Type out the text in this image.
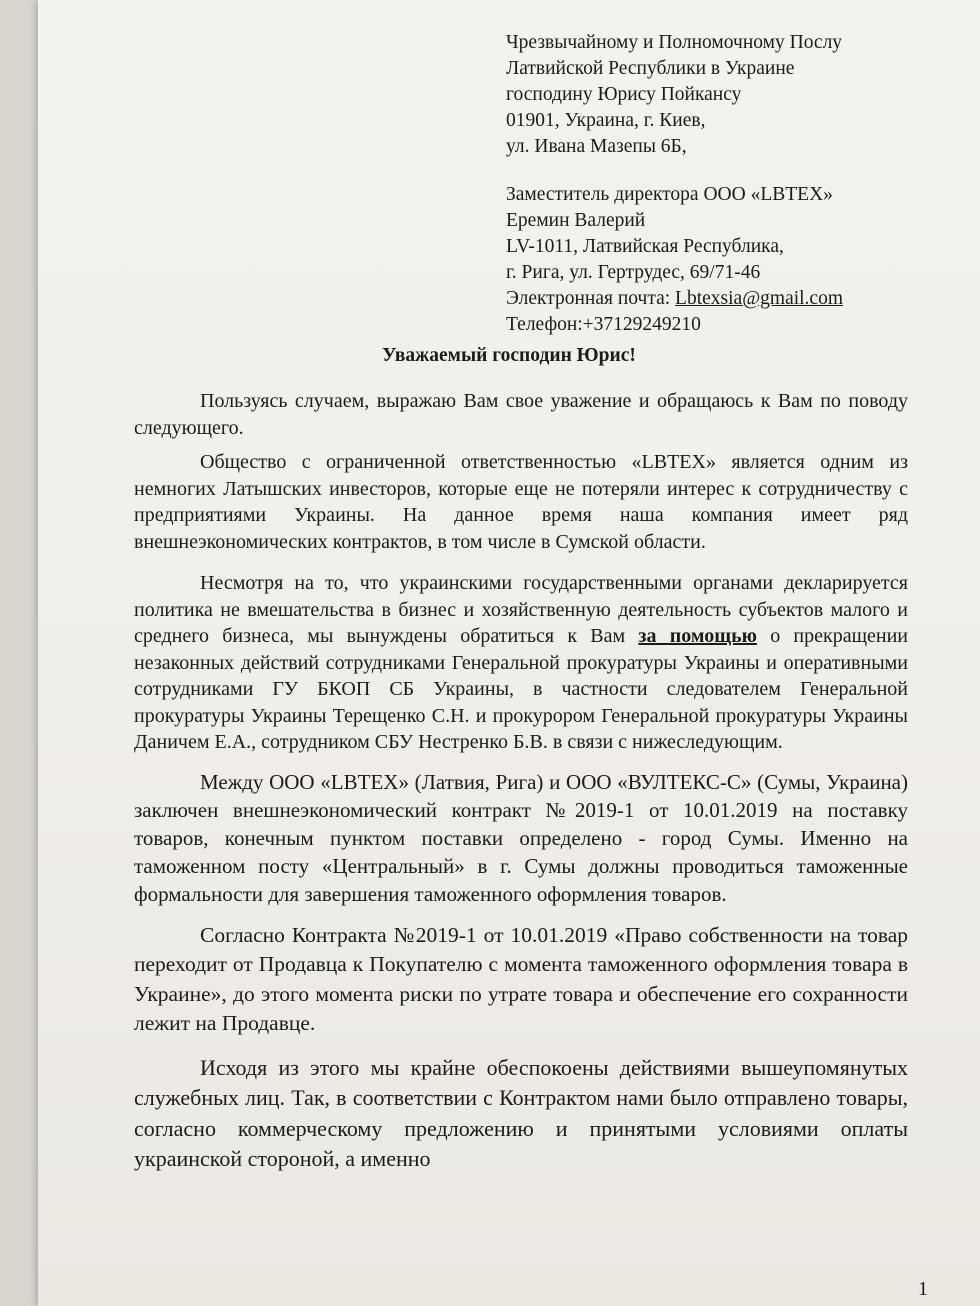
Чрезвычайному и Полномочному Послу
Латвийской Республики в Украине
господину Юрису Пойкансу
01901, Украина, г. Киев,
ул. Ивана Мазепы 6Б,
Заместитель директора ООО «LBTEX»
Еремин Валерий
LV-1011, Латвийская Республика,
г. Рига, ул. Гертрудес, 69/71-46
Электронная почта: Lbtexsia@gmail.com
Телефон:+37129249210
Уважаемый господин Юрис!

Пользуясь случаем, выражаю Вам свое уважение и обращаюсь к Вам по поводу следующего.

Общество с ограниченной ответственностью «LBTEX» является одним из немногих Латышских инвесторов, которые еще не потеряли интерес к сотрудничеству с предприятиями Украины. На данное время наша компания имеет ряд внешнеэкономических контрактов, в том числе в Сумской области.

Несмотря на то, что украинскими государственными органами декларируется политика не вмешательства в бизнес и хозяйственную деятельность субъектов малого и среднего бизнеса, мы вынуждены обратиться к Вам за помощью о прекращении незаконных действий сотрудниками Генеральной прокуратуры Украины и оперативными сотрудниками ГУ БКОП СБ Украины, в частности следователем Генеральной прокуратуры Украины Терещенко С.Н. и прокурором Генеральной прокуратуры Украины Даничем Е.А., сотрудником СБУ Нестренко Б.В. в связи с нижеследующим.

Между ООО «LBTEX» (Латвия, Рига) и ООО «ВУЛТЕКС-С» (Сумы, Украина) заключен внешнеэкономический контракт №2019-1 от 10.01.2019 на поставку товаров, конечным пунктом поставки определено - город Сумы. Именно на таможенном посту «Центральный» в г. Сумы должны проводиться таможенные формальности для завершения таможенного оформления товаров.

Согласно Контракта №2019-1 от 10.01.2019 «Право собственности на товар переходит от Продавца к Покупателю с момента таможенного оформления товара в Украине», до этого момента риски по утрате товара и обеспечение его сохранности лежит на Продавце.

Исходя из этого мы крайне обеспокоены действиями вышеупомянутых служебных лиц. Так, в соответствии с Контрактом нами было отправлено товары, согласно коммерческому предложению и принятыми условиями оплаты украинской стороной, а именно

1
